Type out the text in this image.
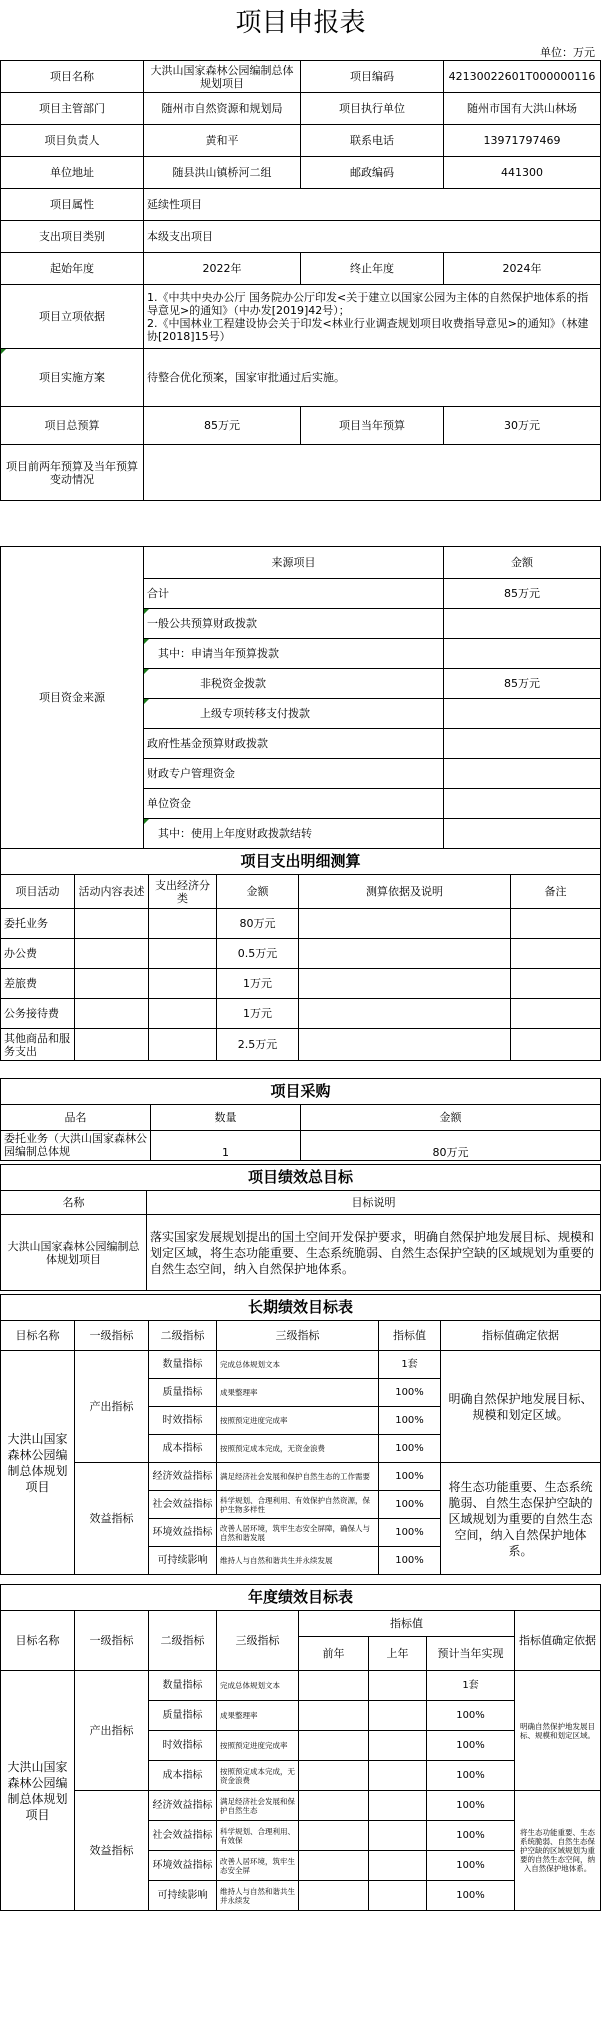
项目申报表
单位：万元
项目名称	大洪山国家森林公园编制总体规划项目	项目编码	42130022601T000000116
项目主管部门	随州市自然资源和规划局	项目执行单位	随州市国有大洪山林场
项目负责人	黄和平	联系电话	13971797469
单位地址	随县洪山镇桥河二组	邮政编码	441300
项目属性	延续性项目		
支出项目类别	本级支出项目		
起始年度	2022年	终止年度	2024年
项目立项依据	1.《中共中央办公厅 国务院办公厅印发<关于建立以国家公园为主体的自然保护地体系的指导意见>的通知》（中办发[2019]42号）；
2.《中国林业工程建设协会关于印发<林业行业调查规划项目收费指导意见>的通知》（林建协[2018]15号）		

项目实施方案	待整合优化预案，国家审批通过后实施。		
项目总预算	85万元	项目当年预算	30万元
项目前两年预算及当年预算变动情况			
项目资金来源	来源项目	金额
	合计	85万元
	一般公共预算财政拨款	
	其中：申请当年预算拨款	
	非税资金拨款	85万元
	上级专项转移支付拨款	
	政府性基金预算财政拨款	
	财政专户管理资金	
	单位资金	
	其中：使用上年度财政拨款结转	
项目支出明细测算					
项目活动	活动内容表述	支出经济分类	金额	测算依据及说明	备注
委托业务			80万元		
办公费			0.5万元		
差旅费			1万元		
公务接待费			1万元		
其他商品和服务支出			2.5万元		
项目采购		
品名	数量	金额
委托业务（大洪山国家森林公园编制总体规	1	80万元
项目绩效总目标	
名称	目标说明
大洪山国家森林公园编制总体规划项目	落实国家发展规划提出的国土空间开发保护要求，明确自然保护地发展目标、规模和划定区域，将生态功能重要、生态系统脆弱、自然生态保护空缺的区域规划为重要的自然生态空间，纳入自然保护地体系。
长期绩效目标表					
目标名称	一级指标	二级指标	三级指标	指标值	指标值确定依据
大洪山国家森林公园编制总体规划项目	产出指标	数量指标	完成总体规划文本	1套	明确自然保护地发展目标、规模和划定区域。
		质量指标	成果整理率	100%	
		时效指标	按照预定进度完成率	100%	
		成本指标	按照预定成本完成，无资金浪费	100%	
	效益指标	经济效益指标	满足经济社会发展和保护自然生态的工作需要	100%	将生态功能重要、生态系统脆弱、自然生态保护空缺的区域规划为重要的自然生态空间，纳入自然保护地体系。
		社会效益指标	科学规划、合理利用、有效保护自然资源，保护生物多样性	100%	
		环境效益指标	改善人居环境，筑牢生态安全屏障，确保人与自然和谐发展	100%	
		可持续影响	维持人与自然和谐共生并永续发展	100%	
年度绩效目标表							
目标名称	一级指标	二级指标	三级指标	指标值			指标值确定依据
				前年	上年	预计当年实现	
大洪山国家森林公园编制总体规划项目	产出指标	数量指标	完成总体规划文本			1套	明确自然保护地发展目标、规模和划定区域。
		质量指标	成果整理率			100%	
		时效指标	按照预定进度完成率			100%	
		成本指标	按照预定成本完成，无资金浪费			100%	
	效益指标	经济效益指标	满足经济社会发展和保护自然生态			100%	将生态功能重要、生态系统脆弱、自然生态保护空缺的区域规划为重要的自然生态空间，纳入自然保护地体系。
		社会效益指标	科学规划、合理利用、有效保			100%	
		环境效益指标	改善人居环境，筑牢生态安全屏			100%	
		可持续影响	维持人与自然和谐共生并永续发			100%	
